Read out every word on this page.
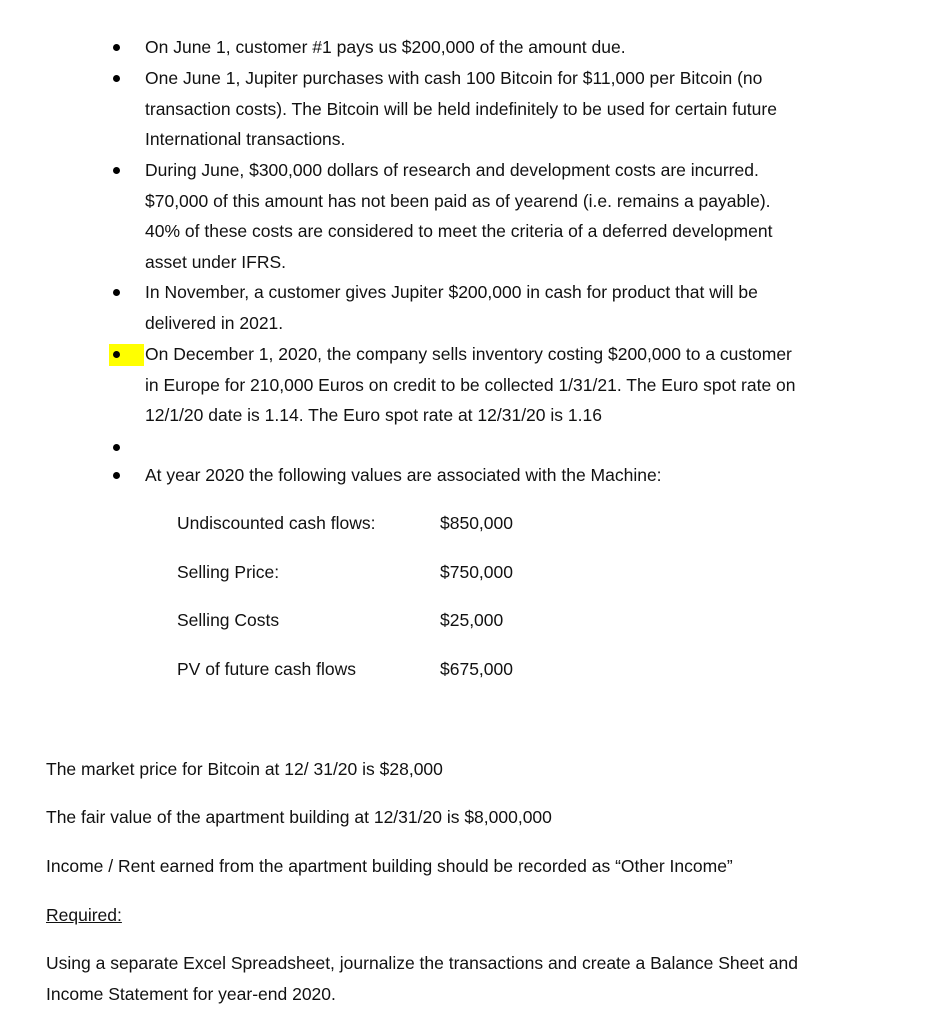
On June 1, customer #1 pays us $200,000 of the amount due.
One June 1, Jupiter purchases with cash 100 Bitcoin for $11,000 per Bitcoin (no
transaction costs). The Bitcoin will be held indefinitely to be used for certain future
International transactions.
During June, $300,000 dollars of research and development costs are incurred.
$70,000 of this amount has not been paid as of yearend (i.e. remains a payable).
40% of these costs are considered to meet the criteria of a deferred development
asset under IFRS.
In November, a customer gives Jupiter $200,000 in cash for product that will be
delivered in 2021.
On December 1, 2020, the company sells inventory costing $200,000 to a customer
in Europe for 210,000 Euros on credit to be collected 1/31/21. The Euro spot rate on
12/1/20 date is 1.14. The Euro spot rate at 12/31/20 is 1.16
At year 2020 the following values are associated with the Machine:
Undiscounted cash flows:	$850,000
Selling Price:	$750,000
Selling Costs	$25,000
PV of future cash flows	$675,000
The market price for Bitcoin at 12/ 31/20 is $28,000
The fair value of the apartment building at 12/31/20 is $8,000,000
Income / Rent earned from the apartment building should be recorded as “Other Income”
Required:
Using a separate Excel Spreadsheet, journalize the transactions and create a Balance Sheet and
Income Statement for year-end 2020.
